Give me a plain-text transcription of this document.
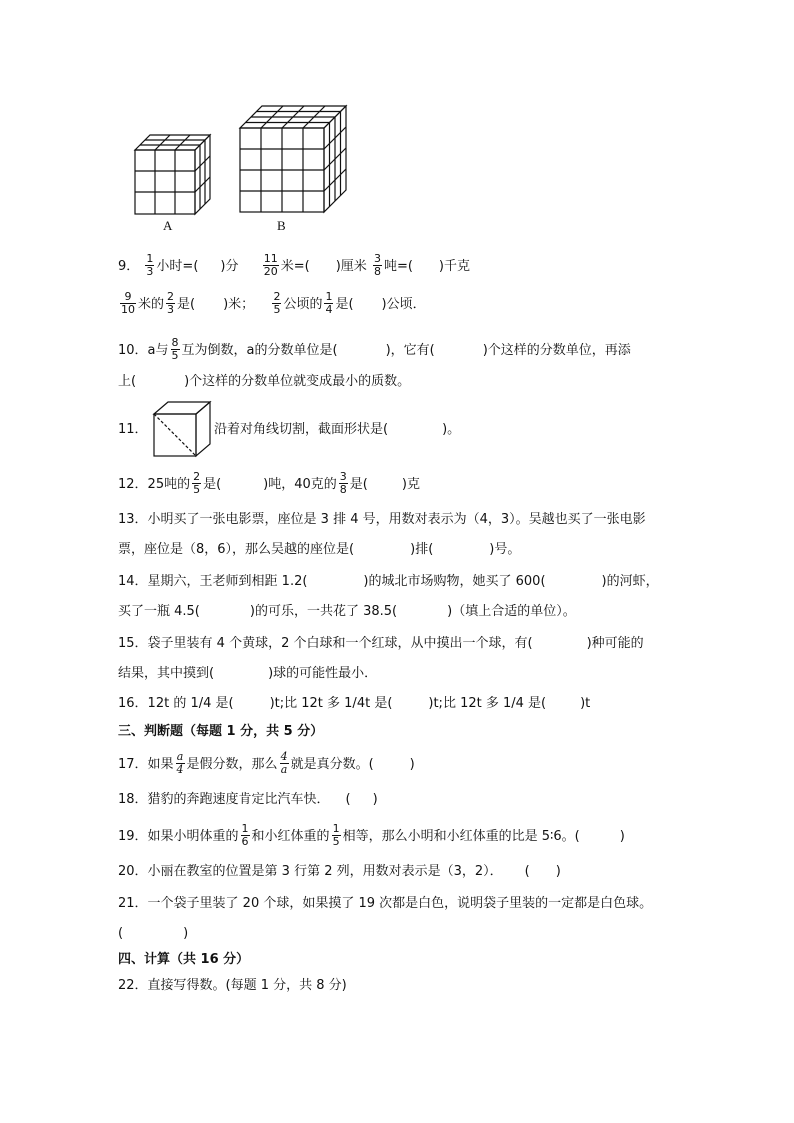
A	B
9． $\frac{1}{3}$ 小时=( )分 $\frac{11}{20}$ 米=( )厘米 $\frac{3}{8}$ 吨=( )千克
$\frac{9}{10}$ 米的 $\frac{2}{3}$ 是( )米； $\frac{2}{5}$ 公顷的 $\frac{1}{4}$ 是( )公顷．
10．a与 $\frac{8}{5}$ 互为倒数，a的分数单位是(	)，它有(	)个这样的分数单位，再添
上(	)个这样的分数单位就变成最小的质数。
11．	沿着对角线切割，截面形状是(	)。
12．25吨的 $\frac{2}{5}$ 是(	)吨，40克的 $\frac{3}{8}$ 是(	)克
13．小明买了一张电影票，座位是 3 排 4 号，用数对表示为（4，3）。吴越也买了一张电影
票，座位是（8，6），那么吴越的座位是(	)排(	)号。
14．星期六，王老师到相距 1.2(	)的城北市场购物，她买了 600(	)的河虾，
买了一瓶 4.5(	)的可乐，一共花了 38.5(	)（填上合适的单位）。
15．袋子里装有 4 个黄球，2 个白球和一个红球，从中摸出一个球，有(	)种可能的
结果，其中摸到(	)球的可能性最小．
16．12t 的 1/4 是(	)t;比 12t 多 1/4t 是(	)t;比 12t 多 1/4 是(	)t
三、判断题（每题 1 分，共 5 分）
17．如果 $\frac{a}{4}$ 是假分数，那么 $\frac{4}{a}$ 就是真分数。(	)
18．猎豹的奔跑速度肯定比汽车快． ( )
19．如果小明体重的 $\frac{1}{6}$ 和小红体重的 $\frac{1}{5}$ 相等，那么小明和小红体重的比是 5∶6。(	)
20．小丽在教室的位置是第 3 行第 2 列，用数对表示是（3，2）． ( )
21．一个袋子里装了 20 个球，如果摸了 19 次都是白色，说明袋子里装的一定都是白色球。
(	)
四、计算（共 16 分）
22．直接写得数。(每题 1 分，共 8 分)
